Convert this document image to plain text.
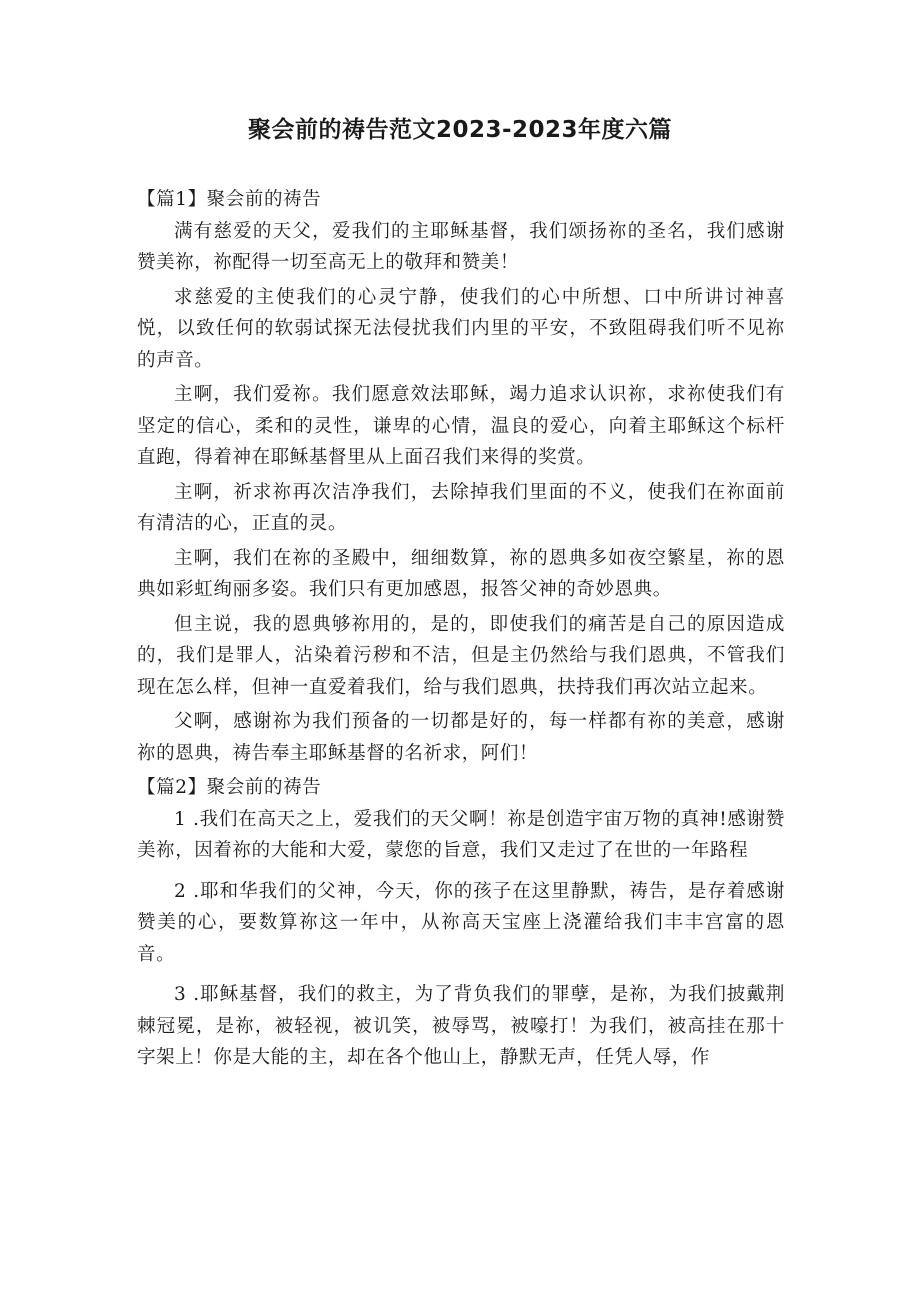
聚会前的祷告范文2023-2023年度六篇
【篇1】聚会前的祷告

满有慈爱的天父，爱我们的主耶稣基督，我们颂扬祢的圣名，我们感谢赞美祢，祢配得一切至高无上的敬拜和赞美！

求慈爱的主使我们的心灵宁静，使我们的心中所想、口中所讲讨神喜悦，以致任何的软弱试探无法侵扰我们内里的平安，不致阻碍我们听不见祢的声音。

主啊，我们爱祢。我们愿意效法耶稣，竭力追求认识祢，求祢使我们有坚定的信心，柔和的灵性，谦卑的心情，温良的爱心，向着主耶稣这个标杆直跑，得着神在耶稣基督里从上面召我们来得的奖赏。

主啊，祈求祢再次洁净我们，去除掉我们里面的不义，使我们在祢面前有清洁的心，正直的灵。

主啊，我们在祢的圣殿中，细细数算，祢的恩典多如夜空繁星，祢的恩典如彩虹绚丽多姿。我们只有更加感恩，报答父神的奇妙恩典。

但主说，我的恩典够祢用的，是的，即使我们的痛苦是自己的原因造成的，我们是罪人，沾染着污秽和不洁，但是主仍然给与我们恩典，不管我们现在怎么样，但神一直爱着我们，给与我们恩典，扶持我们再次站立起来。

父啊，感谢祢为我们预备的一切都是好的，每一样都有祢的美意，感谢祢的恩典，祷告奉主耶稣基督的名祈求，阿们！

【篇2】聚会前的祷告

1 .我们在高天之上，爱我们的天父啊！祢是创造宇宙万物的真神!感谢赞美祢，因着祢的大能和大爱，蒙您的旨意，我们又走过了在世的一年路程

2 .耶和华我们的父神，今天，你的孩子在这里静默，祷告，是存着感谢赞美的心，要数算祢这一年中，从祢高天宝座上浇灌给我们丰丰宫富的恩音。

3 .耶稣基督，我们的救主，为了背负我们的罪孽，是祢，为我们披戴荆棘冠冕，是祢，被轻视，被讥笑，被辱骂，被嚎打！为我们，被高挂在那十字架上！你是大能的主，却在各个他山上，静默无声，任凭人辱，作
